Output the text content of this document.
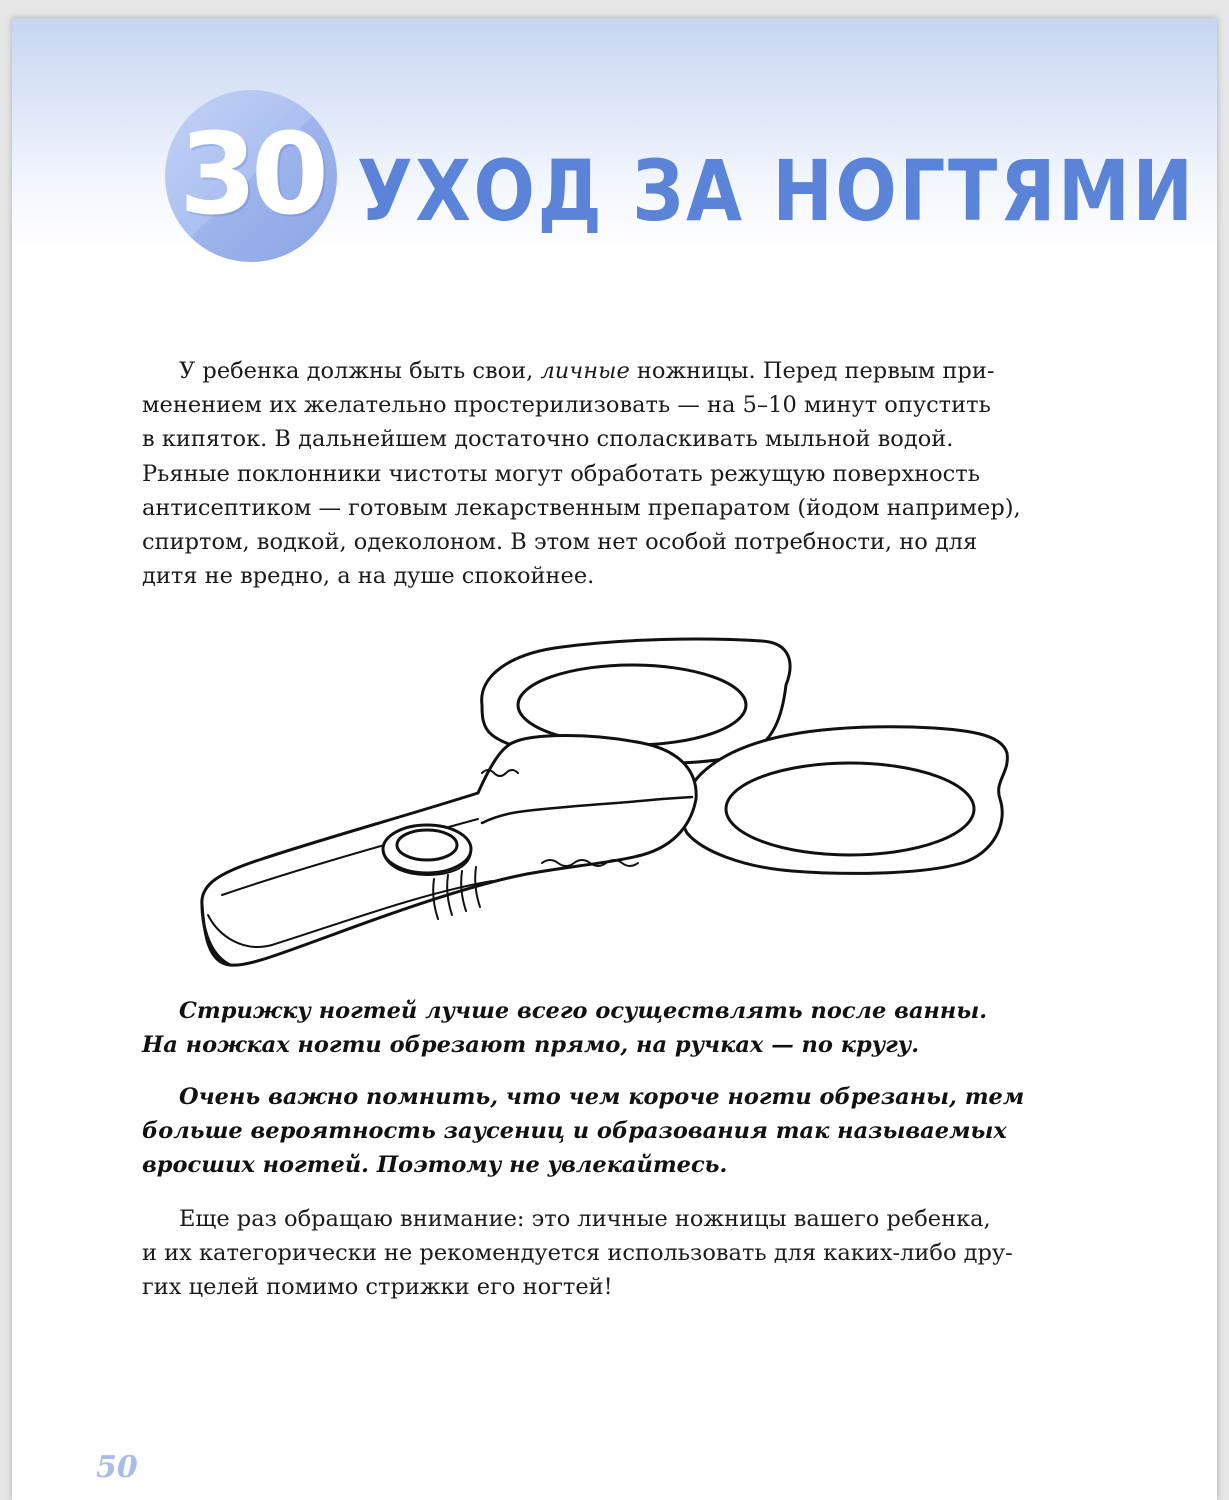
30 УХОД ЗА НОГТЯМИ

У ребенка должны быть свои, личные ножницы. Перед первым при-

менением их желательно простерилизовать — на 5–10 минут опустить

в кипяток. В дальнейшем достаточно споласкивать мыльной водой.

Рьяные поклонники чистоты могут обработать режущую поверхность

антисептиком — готовым лекарственным препаратом (йодом например),

спиртом, водкой, одеколоном. В этом нет особой потребности, но для

дитя не вредно, а на душе спокойнее.

Стрижку ногтей лучше всего осуществлять после ванны.

На ножках ногти обрезают прямо, на ручках — по кругу.

Очень важно помнить, что чем короче ногти обрезаны, тем

больше вероятность заусениц и образования так называемых

вросших ногтей. Поэтому не увлекайтесь.

Еще раз обращаю внимание: это личные ножницы вашего ребенка,

и их категорически не рекомендуется использовать для каких-либо дру-

гих целей помимо стрижки его ногтей!

50
